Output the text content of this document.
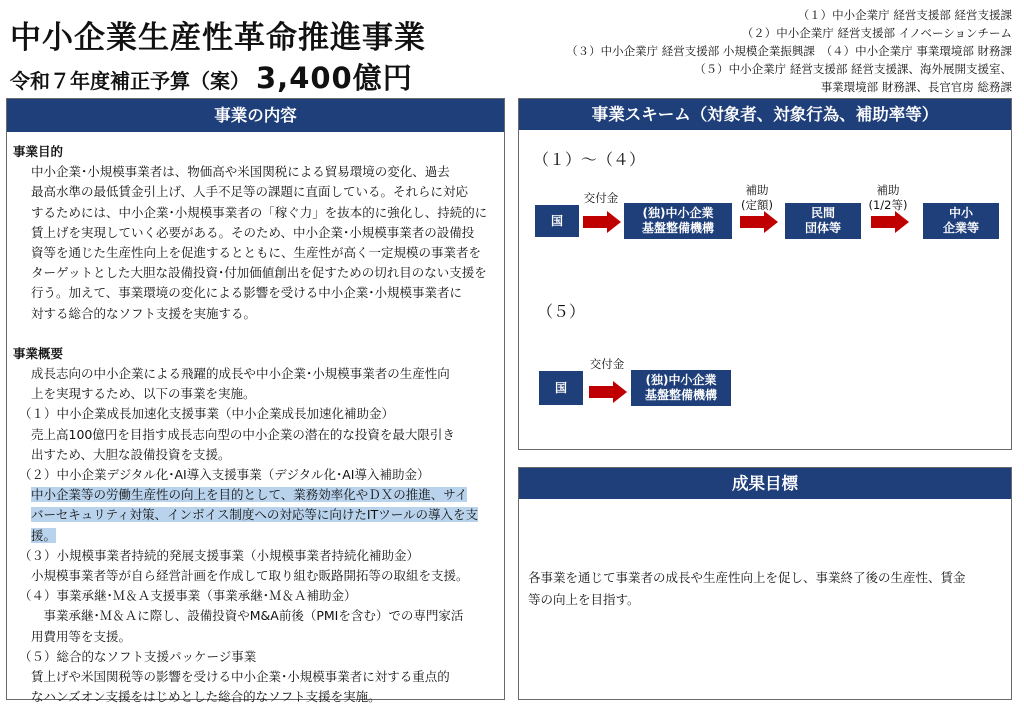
中小企業生産性革命推進事業
令和７年度補正予算（案） 3,400億円
（１）中小企業庁 経営支援部 経営支援課
（２）中小企業庁 経営支援部 イノベーションチーム
（３）中小企業庁 経営支援部 小規模企業振興課　（４）中小企業庁 事業環境部 財務課
（５）中小企業庁 経営支援部 経営支援課、海外展開支援室、
事業環境部 財務課、長官官房 総務課
事業の内容
事業目的
中小企業･小規模事業者は、物価高や米国関税による貿易環境の変化、過去
最高水準の最低賃金引上げ、人手不足等の課題に直面している。それらに対応
するためには、中小企業･小規模事業者の「稼ぐ力」を抜本的に強化し、持続的に
賃上げを実現していく必要がある。そのため、中小企業･小規模事業者の設備投
資等を通じた生産性向上を促進するとともに、生産性が高く一定規模の事業者を
ターゲットとした大胆な設備投資･付加価値創出を促すための切れ目のない支援を
行う。加えて、事業環境の変化による影響を受ける中小企業･小規模事業者に
対する総合的なソフト支援を実施する。
事業概要
成長志向の中小企業による飛躍的成長や中小企業･小規模事業者の生産性向
上を実現するため、以下の事業を実施。
（１）中小企業成長加速化支援事業（中小企業成長加速化補助金）
売上高100億円を目指す成長志向型の中小企業の潜在的な投資を最大限引き
出すため、大胆な設備投資を支援。
（２）中小企業デジタル化･AI導入支援事業（デジタル化･AI導入補助金）
中小企業等の労働生産性の向上を目的として、業務効率化やＤＸの推進、サイ
バーセキュリティ対策、インボイス制度への対応等に向けたITツールの導入を支援。
（３）小規模事業者持続的発展支援事業（小規模事業者持続化補助金）
小規模事業者等が自ら経営計画を作成して取り組む販路開拓等の取組を支援。
（４）事業承継･Ｍ＆Ａ支援事業（事業承継･Ｍ＆Ａ補助金）
　事業承継･Ｍ＆Ａに際し、設備投資やM&A前後（PMIを含む）での専門家活
用費用等を支援。
（５）総合的なソフト支援パッケージ事業
賃上げや米国関税等の影響を受ける中小企業･小規模事業者に対する重点的
なハンズオン支援をはじめとした総合的なソフト支援を実施。
事業スキーム（対象者、対象行為、補助率等）
（１）～（４）
国
交付金
(独)中小企業
基盤整備機構
補助
(定額)
民間
団体等
補助
(1/2等)
中小
企業等
（５）
国
交付金
(独)中小企業
基盤整備機構
成果目標
各事業を通じて事業者の成長や生産性向上を促し、事業終了後の生産性、賃金
等の向上を目指す。
